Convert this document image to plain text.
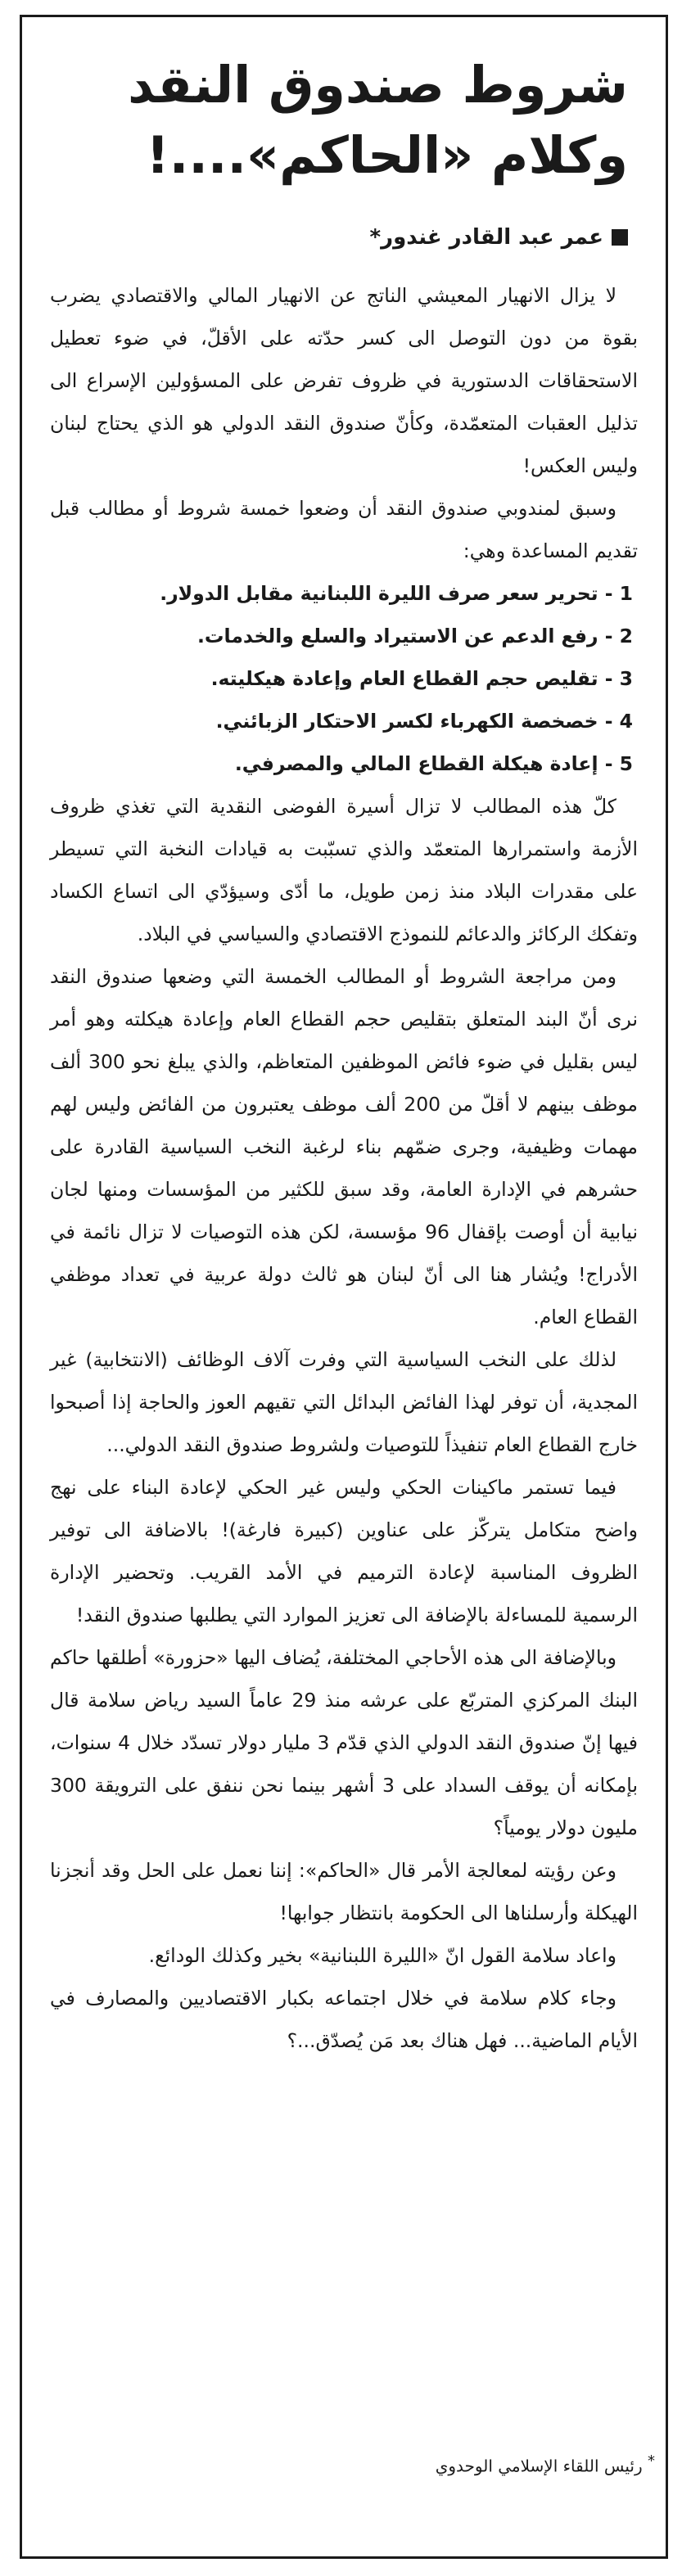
شروط صندوق النقد
وكلام «الحاكم»....!
عمر عبد القادر غندور*

لا يزال الانهيار المعيشي الناتج عن الانهيار المالي والاقتصادي يضرب بقوة من دون التوصل الى كسر حدّته على الأقلّ، في ضوء تعطيل الاستحقاقات الدستورية في ظروف تفرض على المسؤولين الإسراع الى تذليل العقبات المتعمّدة، وكأنّ صندوق النقد الدولي هو الذي يحتاج لبنان وليس العكس!

وسبق لمندوبي صندوق النقد أن وضعوا خمسة شروط أو مطالب قبل تقديم المساعدة وهي:

1 - تحرير سعر صرف الليرة اللبنانية مقابل الدولار.

2 - رفع الدعم عن الاستيراد والسلع والخدمات.

3 - تقليص حجم القطاع العام وإعادة هيكليته.

4 - خصخصة الكهرباء لكسر الاحتكار الزبائني.

5 - إعادة هيكلة القطاع المالي والمصرفي.

كلّ هذه المطالب لا تزال أسيرة الفوضى النقدية التي تغذي ظروف الأزمة واستمرارها المتعمّد والذي تسبّبت به قيادات النخبة التي تسيطر على مقدرات البلاد منذ زمن طويل، ما أدّى وسيؤدّي الى اتساع الكساد وتفكك الركائز والدعائم للنموذج الاقتصادي والسياسي في البلاد.

ومن مراجعة الشروط أو المطالب الخمسة التي وضعها صندوق النقد نرى أنّ البند المتعلق بتقليص حجم القطاع العام وإعادة هيكلته وهو أمر ليس بقليل في ضوء فائض الموظفين المتعاظم، والذي يبلغ نحو 300 ألف موظف بينهم لا أقلّ من 200 ألف موظف يعتبرون من الفائض وليس لهم مهمات وظيفية، وجرى ضمّهم بناء لرغبة النخب السياسية القادرة على حشرهم في الإدارة العامة، وقد سبق للكثير من المؤسسات ومنها لجان نيابية أن أوصت بإقفال 96 مؤسسة، لكن هذه التوصيات لا تزال نائمة في الأدراج! ويُشار هنا الى أنّ لبنان هو ثالث دولة عربية في تعداد موظفي القطاع العام.

لذلك على النخب السياسية التي وفرت آلاف الوظائف (الانتخابية) غير المجدية، أن توفر لهذا الفائض البدائل التي تقيهم العوز والحاجة إذا أصبحوا خارج القطاع العام تنفيذاً للتوصيات ولشروط صندوق النقد الدولي...

فيما تستمر ماكينات الحكي وليس غير الحكي لإعادة البناء على نهج واضح متكامل يتركّز على عناوين (كبيرة فارغة)! بالاضافة الى توفير الظروف المناسبة لإعادة الترميم في الأمد القريب. وتحضير الإدارة الرسمية للمساءلة بالإضافة الى تعزيز الموارد التي يطلبها صندوق النقد!

وبالإضافة الى هذه الأحاجي المختلفة، يُضاف اليها «حزورة» أطلقها حاكم البنك المركزي المتربّع على عرشه منذ 29 عاماً السيد رياض سلامة قال فيها إنّ صندوق النقد الدولي الذي قدّم 3 مليار دولار تسدّد خلال 4 سنوات، بإمكانه أن يوقف السداد على 3 أشهر بينما نحن ننفق على الترويقة 300 مليون دولار يومياً؟

وعن رؤيته لمعالجة الأمر قال «الحاكم»: إننا نعمل على الحل وقد أنجزنا الهيكلة وأرسلناها الى الحكومة بانتظار جوابها!

واعاد سلامة القول انّ «الليرة اللبنانية» بخير وكذلك الودائع.

وجاء كلام سلامة في خلال اجتماعه بكبار الاقتصاديين والمصارف في الأيام الماضية... فهل هناك بعد مَن يُصدّق...؟

* رئيس اللقاء الإسلامي الوحدوي
